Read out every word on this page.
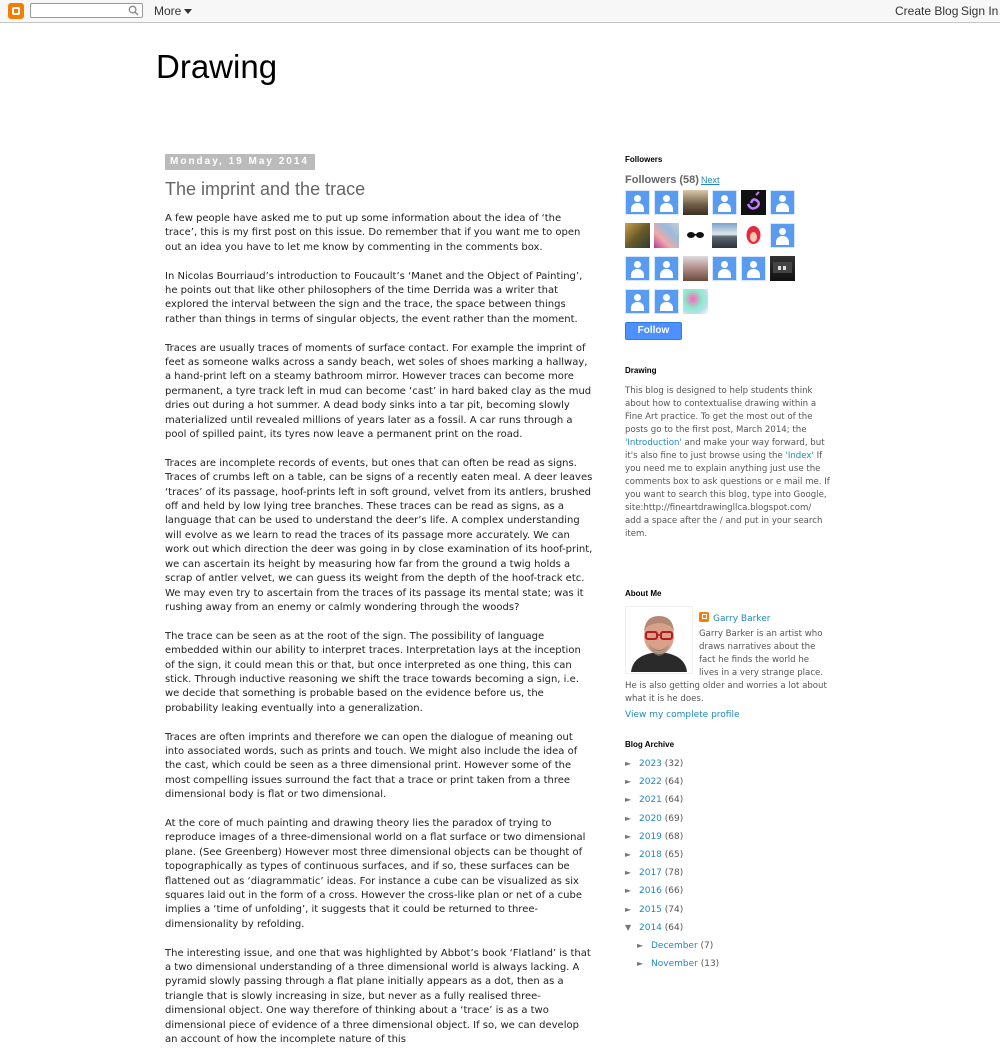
More	Create Blog Sign In
Drawing
Monday, 19 May 2014
The imprint and the trace

A few people have asked me to put up some information about the idea of ‘the trace’, this is my first post on this issue. Do remember that if you want me to open out an idea you have to let me know by commenting in the comments box.

In Nicolas Bourriaud’s introduction to Foucault’s ‘Manet and the Object of Painting’, he points out that like other philosophers of the time Derrida was a writer that explored the interval between the sign and the trace, the space between things rather than things in terms of singular objects, the event rather than the moment.

Traces are usually traces of moments of surface contact. For example the imprint of feet as someone walks across a sandy beach, wet soles of shoes marking a hallway, a hand-print left on a steamy bathroom mirror. However traces can become more permanent, a tyre track left in mud can become ‘cast’ in hard baked clay as the mud dries out during a hot summer. A dead body sinks into a tar pit, becoming slowly materialized until revealed millions of years later as a fossil. A car runs through a pool of spilled paint, its tyres now leave a permanent print on the road.

Traces are incomplete records of events, but ones that can often be read as signs. Traces of crumbs left on a table, can be signs of a recently eaten meal. A deer leaves ‘traces’ of its passage, hoof-prints left in soft ground, velvet from its antlers, brushed off and held by low lying tree branches. These traces can be read as signs, as a language that can be used to understand the deer’s life. A complex understanding will evolve as we learn to read the traces of its passage more accurately. We can work out which direction the deer was going in by close examination of its hoof-print, we can ascertain its height by measuring how far from the ground a twig holds a scrap of antler velvet, we can guess its weight from the depth of the hoof-track etc. We may even try to ascertain from the traces of its passage its mental state; was it rushing away from an enemy or calmly wondering through the woods?

The trace can be seen as at the root of the sign. The possibility of language embedded within our ability to interpret traces. Interpretation lays at the inception of the sign, it could mean this or that, but once interpreted as one thing, this can stick. Through inductive reasoning we shift the trace towards becoming a sign, i.e. we decide that something is probable based on the evidence before us, the probability leaking eventually into a generalization.

Traces are often imprints and therefore we can open the dialogue of meaning out into associated words, such as prints and touch. We might also include the idea of the cast, which could be seen as a three dimensional print. However some of the most compelling issues surround the fact that a trace or print taken from a three dimensional body is flat or two dimensional.

At the core of much painting and drawing theory lies the paradox of trying to reproduce images of a three-dimensional world on a flat surface or two dimensional plane. (See Greenberg) However most three dimensional objects can be thought of topographically as types of continuous surfaces, and if so, these surfaces can be flattened out as ‘diagrammatic’ ideas. For instance a cube can be visualized as six squares laid out in the form of a cross. However the cross-like plan or net of a cube implies a ‘time of unfolding’, it suggests that it could be returned to three-dimensionality by refolding.

The interesting issue, and one that was highlighted by Abbot’s book ‘Flatland’ is that a two dimensional understanding of a three dimensional world is always lacking. A pyramid slowly passing through a flat plane initially appears as a dot, then as a triangle that is slowly increasing in size, but never as a fully realised three-dimensional object. One way therefore of thinking about a ‘trace’ is as a two dimensional piece of evidence of a three dimensional object. If so, we can develop an account of how the incomplete nature of this

Followers
Followers (58) Next
Follow
Drawing

This blog is designed to help students think about how to contextualise drawing within a Fine Art practice. To get the most out of the posts go to the first post, March 2014; the 'Introduction' and make your way forward, but it's also fine to just browse using the 'Index' If you need me to explain anything just use the comments box to ask questions or e mail me. If you want to search this blog, type into Google, site:http://fineartdrawingllca.blogspot.com/ add a space after the / and put in your search item.

About Me
Garry Barker
Garry Barker is an artist who draws narratives about the fact he finds the world he lives in a very strange place. He is also getting older and worries a lot about what it is he does.
View my complete profile
Blog Archive
► 2023 (32)
► 2022 (64)
► 2021 (64)
► 2020 (69)
► 2019 (68)
► 2018 (65)
► 2017 (78)
► 2016 (66)
► 2015 (74)
▼ 2014 (64)
► December (7)
► November (13)
